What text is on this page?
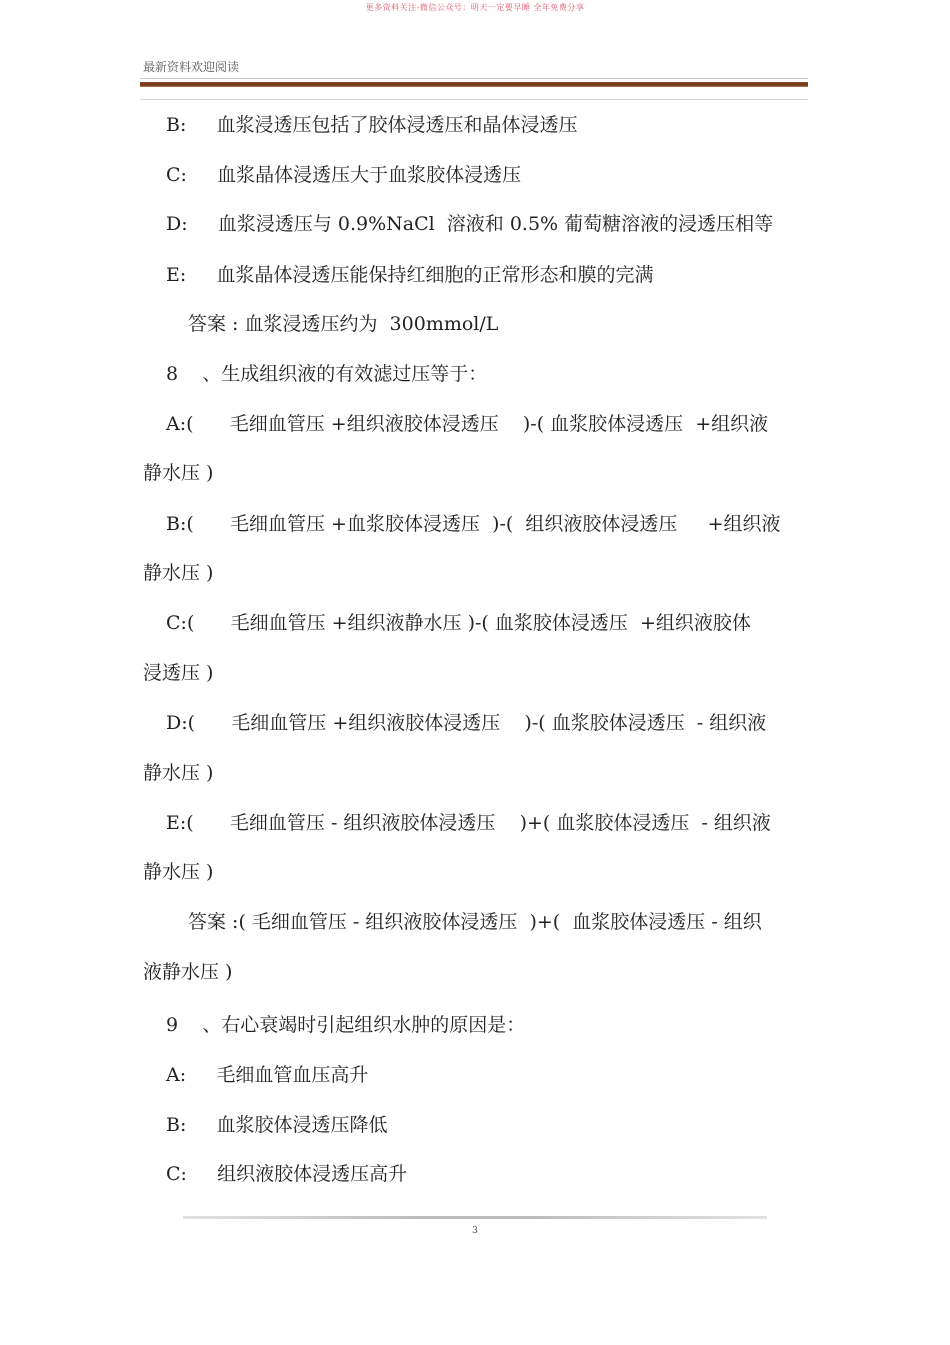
更多资料关注-微信公众号：明天一定要早睡 全年免费分享
最新资料欢迎阅读
B:     血浆浸透压包括了胶体浸透压和晶体浸透压
C:     血浆晶体浸透压大于血浆胶体浸透压
D:     血浆浸透压与 0.9%NaCl  溶液和 0.5% 葡萄糖溶液的浸透压相等
E:     血浆晶体浸透压能保持红细胞的正常形态和膜的完满
答案 : 血浆浸透压约为  300mmol/L
8    、生成组织液的有效滤过压等于：
A:(      毛细血管压 +组织液胶体浸透压    )-( 血浆胶体浸透压  +组织液
静水压 )
B:(      毛细血管压 +血浆胶体浸透压  )-(  组织液胶体浸透压     +组织液
静水压 )
C:(      毛细血管压 +组织液静水压 )-( 血浆胶体浸透压  +组织液胶体
浸透压 )
D:(      毛细血管压 +组织液胶体浸透压    )-( 血浆胶体浸透压  - 组织液
静水压 )
E:(      毛细血管压 - 组织液胶体浸透压    )+( 血浆胶体浸透压  - 组织液
静水压 )
答案 :( 毛细血管压 - 组织液胶体浸透压  )+(  血浆胶体浸透压 - 组织
液静水压 )
9    、右心衰竭时引起组织水肿的原因是：
A:     毛细血管血压高升
B:     血浆胶体浸透压降低
C:     组织液胶体浸透压高升
3
